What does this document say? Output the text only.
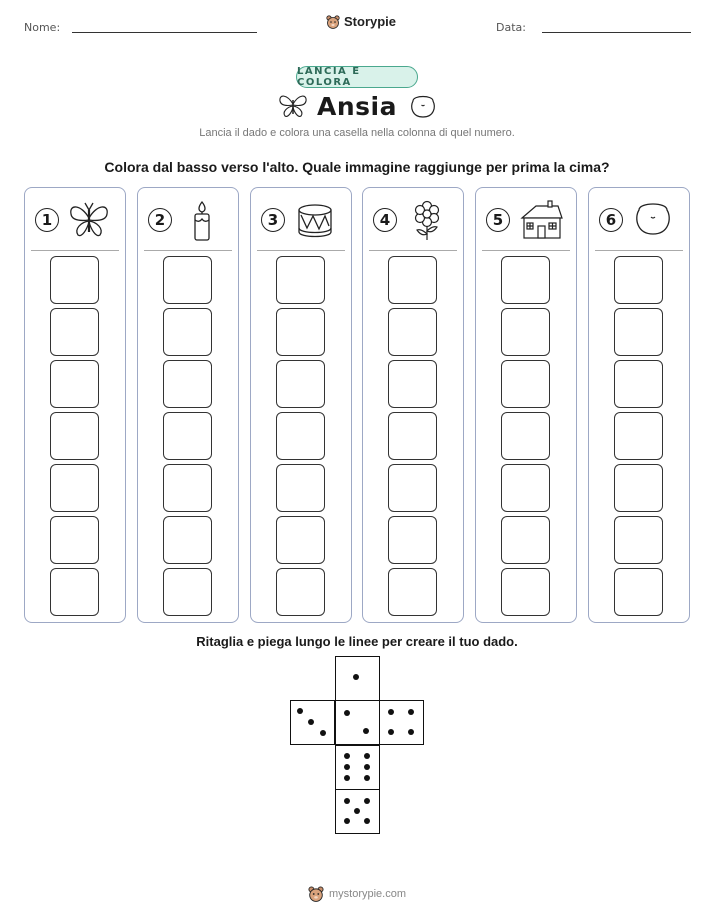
Nome:	Storypie	Data:
LANCIA E COLORA
Ansia
Lancia il dado e colora una casella nella colonna di quel numero.
Colora dal basso verso l'alto. Quale immagine raggiunge per prima la cima?
1	2	3	4	5	6
Ritaglia e piega lungo le linee per creare il tuo dado.
mystorypie.com
